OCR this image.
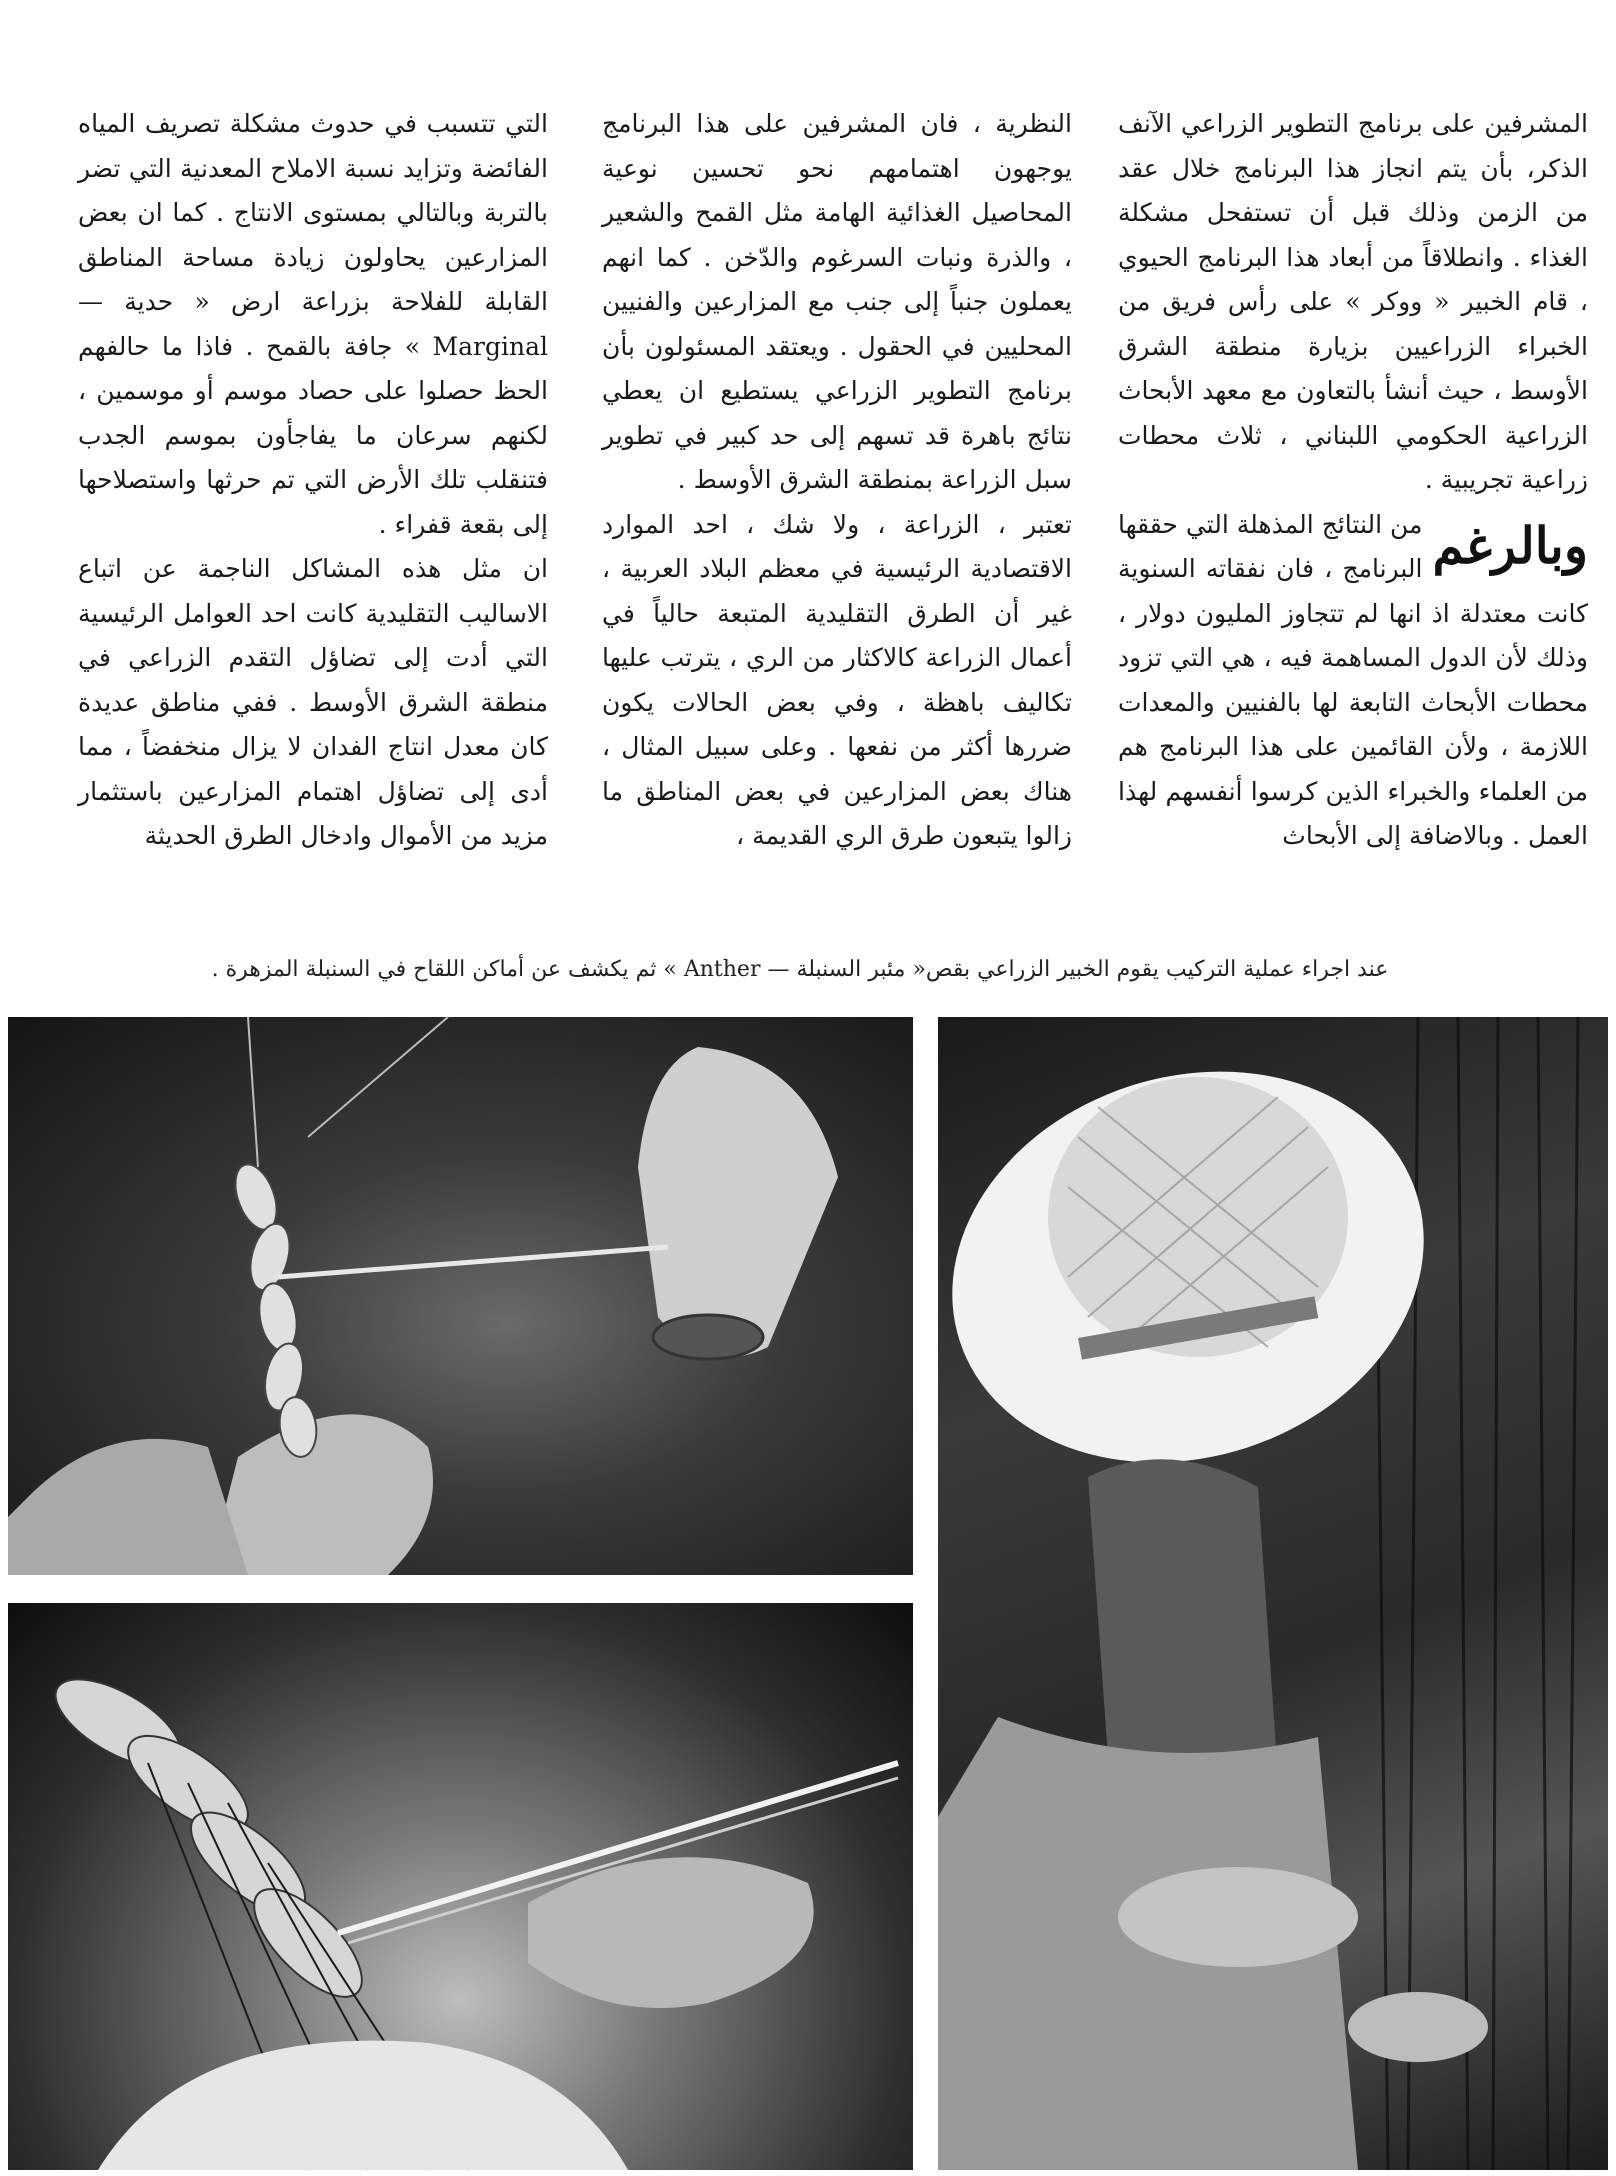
المشرفين على برنامج التطوير الزراعي الآنف الذكر، بأن يتم انجاز هذا البرنامج خلال عقد من الزمن وذلك قبل أن تستفحل مشكلة الغذاء . وانطلاقاً من أبعاد هذا البرنامج الحيوي ، قام الخبير « ووكر » على رأس فريق من الخبراء الزراعيين بزيارة منطقة الشرق الأوسط ، حيث أنشأ بالتعاون مع معهد الأبحاث الزراعية الحكومي اللبناني ، ثلاث محطات زراعية تجريبية .

وبالرغم
من النتائج المذهلة التي حققها البرنامج ، فان نفقاته السنوية كانت معتدلة اذ انها لم تتجاوز المليون دولار ، وذلك لأن الدول المساهمة فيه ، هي التي تزود محطات الأبحاث التابعة لها بالفنيين والمعدات اللازمة ، ولأن القائمين على هذا البرنامج هم من العلماء والخبراء الذين كرسوا أنفسهم لهذا العمل . وبالاضافة إلى الأبحاث

النظرية ، فان المشرفين على هذا البرنامج يوجهون اهتمامهم نحو تحسين نوعية المحاصيل الغذائية الهامة مثل القمح والشعير ، والذرة ونبات السرغوم والدّخن . كما انهم يعملون جنباً إلى جنب مع المزارعين والفنيين المحليين في الحقول . ويعتقد المسئولون بأن برنامج التطوير الزراعي يستطيع ان يعطي نتائج باهرة قد تسهم إلى حد كبير في تطوير سبل الزراعة بمنطقة الشرق الأوسط .

تعتبر ، الزراعة ، ولا شك ، احد الموارد الاقتصادية الرئيسية في معظم البلاد العربية ، غير أن الطرق التقليدية المتبعة حالياً في أعمال الزراعة كالاكثار من الري ، يترتب عليها تكاليف باهظة ، وفي بعض الحالات يكون ضررها أكثر من نفعها . وعلى سبيل المثال ، هناك بعض المزارعين في بعض المناطق ما زالوا يتبعون طرق الري القديمة ،

التي تتسبب في حدوث مشكلة تصريف المياه الفائضة وتزايد نسبة الاملاح المعدنية التي تضر بالتربة وبالتالي بمستوى الانتاج . كما ان بعض المزارعين يحاولون زيادة مساحة المناطق القابلة للفلاحة بزراعة ارض « حدية — Marginal » جافة بالقمح . فاذا ما حالفهم الحظ حصلوا على حصاد موسم أو موسمين ، لكنهم سرعان ما يفاجأون بموسم الجدب فتنقلب تلك الأرض التي تم حرثها واستصلاحها إلى بقعة قفراء .

ان مثل هذه المشاكل الناجمة عن اتباع الاساليب التقليدية كانت احد العوامل الرئيسية التي أدت إلى تضاؤل التقدم الزراعي في منطقة الشرق الأوسط . ففي مناطق عديدة كان معدل انتاج الفدان لا يزال منخفضاً ، مما أدى إلى تضاؤل اهتمام المزارعين باستثمار مزيد من الأموال وادخال الطرق الحديثة

عند اجراء عملية التركيب يقوم الخبير الزراعي بقص« مئبر السنبلة — Anther » ثم يكشف عن أماكن اللقاح في السنبلة المزهرة .
